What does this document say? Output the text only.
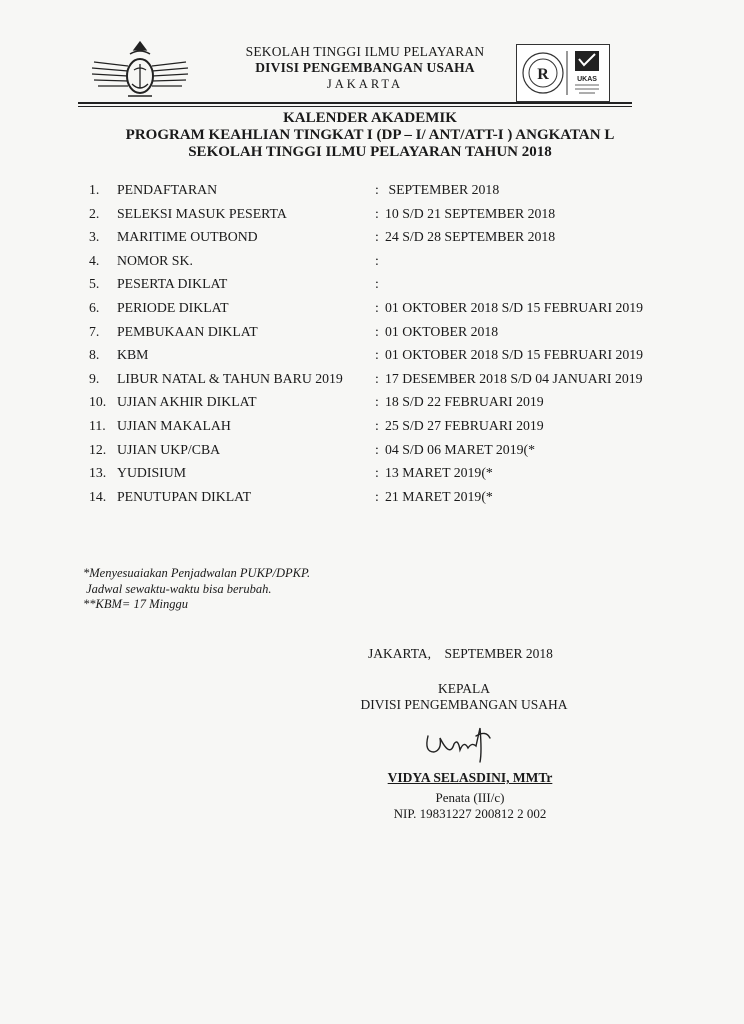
SEKOLAH TINGGI ILMU PELAYARAN
DIVISI PENGEMBANGAN USAHA
JAKARTA
R	UKAS
KALENDER AKADEMIK
PROGRAM KEAHLIAN TINGKAT I (DP – I/ ANT/ATT-I ) ANGKATAN L
SEKOLAH TINGGI ILMU PELAYARAN TAHUN 2018
1.	PENDAFTARAN	: SEPTEMBER 2018
2.	SELEKSI MASUK PESERTA	: 10 S/D 21 SEPTEMBER 2018
3.	MARITIME OUTBOND	: 24 S/D 28 SEPTEMBER 2018
4.	NOMOR SK.	:
5.	PESERTA DIKLAT	:
6.	PERIODE DIKLAT	: 01 OKTOBER 2018 S/D 15 FEBRUARI 2019
7.	PEMBUKAAN DIKLAT	: 01 OKTOBER 2018
8.	KBM	: 01 OKTOBER 2018 S/D 15 FEBRUARI 2019
9.	LIBUR NATAL & TAHUN BARU 2019 : 17 DESEMBER 2018 S/D 04 JANUARI 2019
10. UJIAN AKHIR DIKLAT	: 18 S/D 22 FEBRUARI 2019
11. UJIAN MAKALAH	: 25 S/D 27 FEBRUARI 2019
12. UJIAN UKP/CBA	: 04 S/D 06 MARET 2019(*
13. YUDISIUM	: 13 MARET 2019(*
14. PENUTUPAN DIKLAT	: 21 MARET 2019(*
*Menyesuaiakan Penjadwalan PUKP/DPKP.
Jadwal sewaktu-waktu bisa berubah.
**KBM= 17 Minggu
JAKARTA,    SEPTEMBER 2018
KEPALA
DIVISI PENGEMBANGAN USAHA
VIDYA SELASDINI, MMTr
Penata (III/c)
NIP. 19831227 200812 2 002
